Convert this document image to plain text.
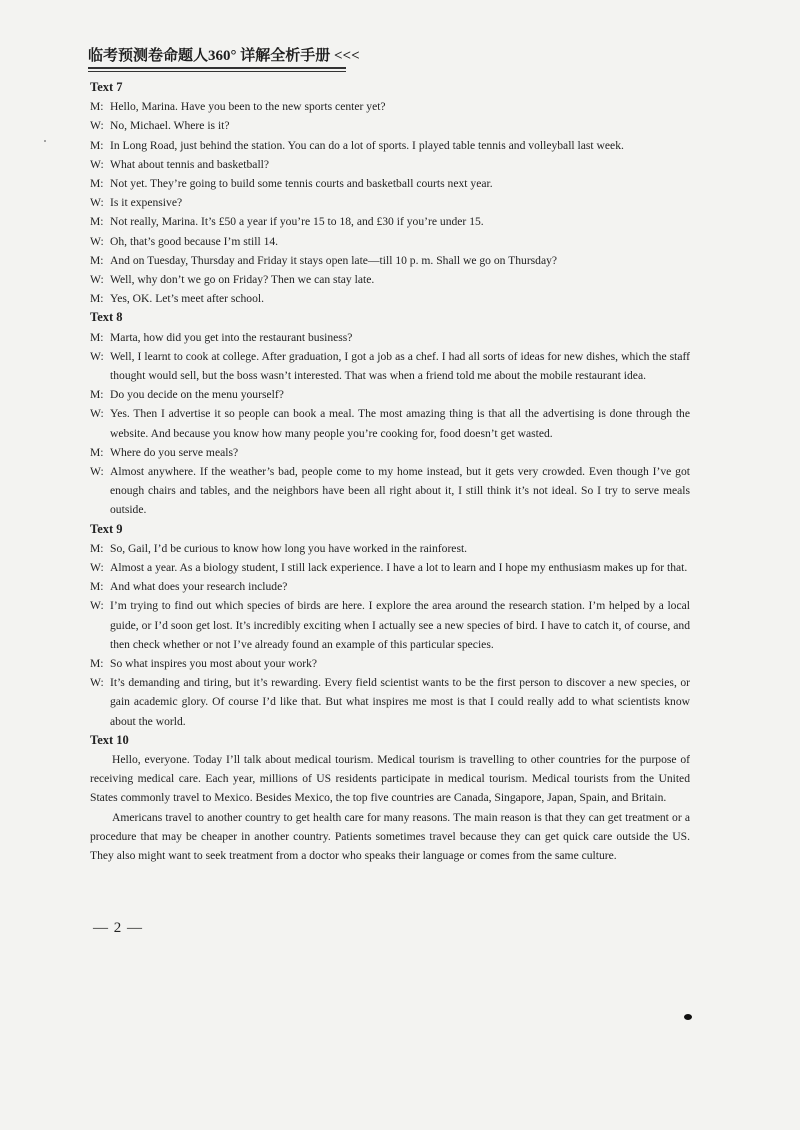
临考预测卷命题人360° 详解全析手册 <<<
Text 7
M: Hello, Marina. Have you been to the new sports center yet?
W: No, Michael. Where is it?
M: In Long Road, just behind the station. You can do a lot of sports. I played table tennis and volleyball last week.
W: What about tennis and basketball?
M: Not yet. They’re going to build some tennis courts and basketball courts next year.
W: Is it expensive?
M: Not really, Marina. It’s £50 a year if you’re 15 to 18, and £30 if you’re under 15.
W: Oh, that’s good because I’m still 14.
M: And on Tuesday, Thursday and Friday it stays open late—till 10 p. m. Shall we go on Thursday?
W: Well, why don’t we go on Friday? Then we can stay late.
M: Yes, OK. Let’s meet after school.
Text 8
M: Marta, how did you get into the restaurant business?
W: Well, I learnt to cook at college. After graduation, I got a job as a chef. I had all sorts of ideas for new dishes, which the staff thought would sell, but the boss wasn’t interested. That was when a friend told me about the mobile restaurant idea.
M: Do you decide on the menu yourself?
W: Yes. Then I advertise it so people can book a meal. The most amazing thing is that all the advertising is done through the website. And because you know how many people you’re cooking for, food doesn’t get wasted.
M: Where do you serve meals?
W: Almost anywhere. If the weather’s bad, people come to my home instead, but it gets very crowded. Even though I’ve got enough chairs and tables, and the neighbors have been all right about it, I still think it’s not ideal. So I try to serve meals outside.
Text 9
M: So, Gail, I’d be curious to know how long you have worked in the rainforest.
W: Almost a year. As a biology student, I still lack experience. I have a lot to learn and I hope my enthusiasm makes up for that.
M: And what does your research include?
W: I’m trying to find out which species of birds are here. I explore the area around the research station. I’m helped by a local guide, or I’d soon get lost. It’s incredibly exciting when I actually see a new species of bird. I have to catch it, of course, and then check whether or not I’ve already found an example of this particular species.
M: So what inspires you most about your work?
W: It’s demanding and tiring, but it’s rewarding. Every field scientist wants to be the first person to discover a new species, or gain academic glory. Of course I’d like that. But what inspires me most is that I could really add to what scientists know about the world.
Text 10
Hello, everyone. Today I’ll talk about medical tourism. Medical tourism is travelling to other countries for the purpose of receiving medical care. Each year, millions of US residents participate in medical tourism. Medical tourists from the United States commonly travel to Mexico. Besides Mexico, the top five countries are Canada, Singapore, Japan, Spain, and Britain.
Americans travel to another country to get health care for many reasons. The main reason is that they can get treatment or a procedure that may be cheaper in another country. Patients sometimes travel because they can get quick care outside the US. They also might want to seek treatment from a doctor who speaks their language or comes from the same culture.
— 2 —
